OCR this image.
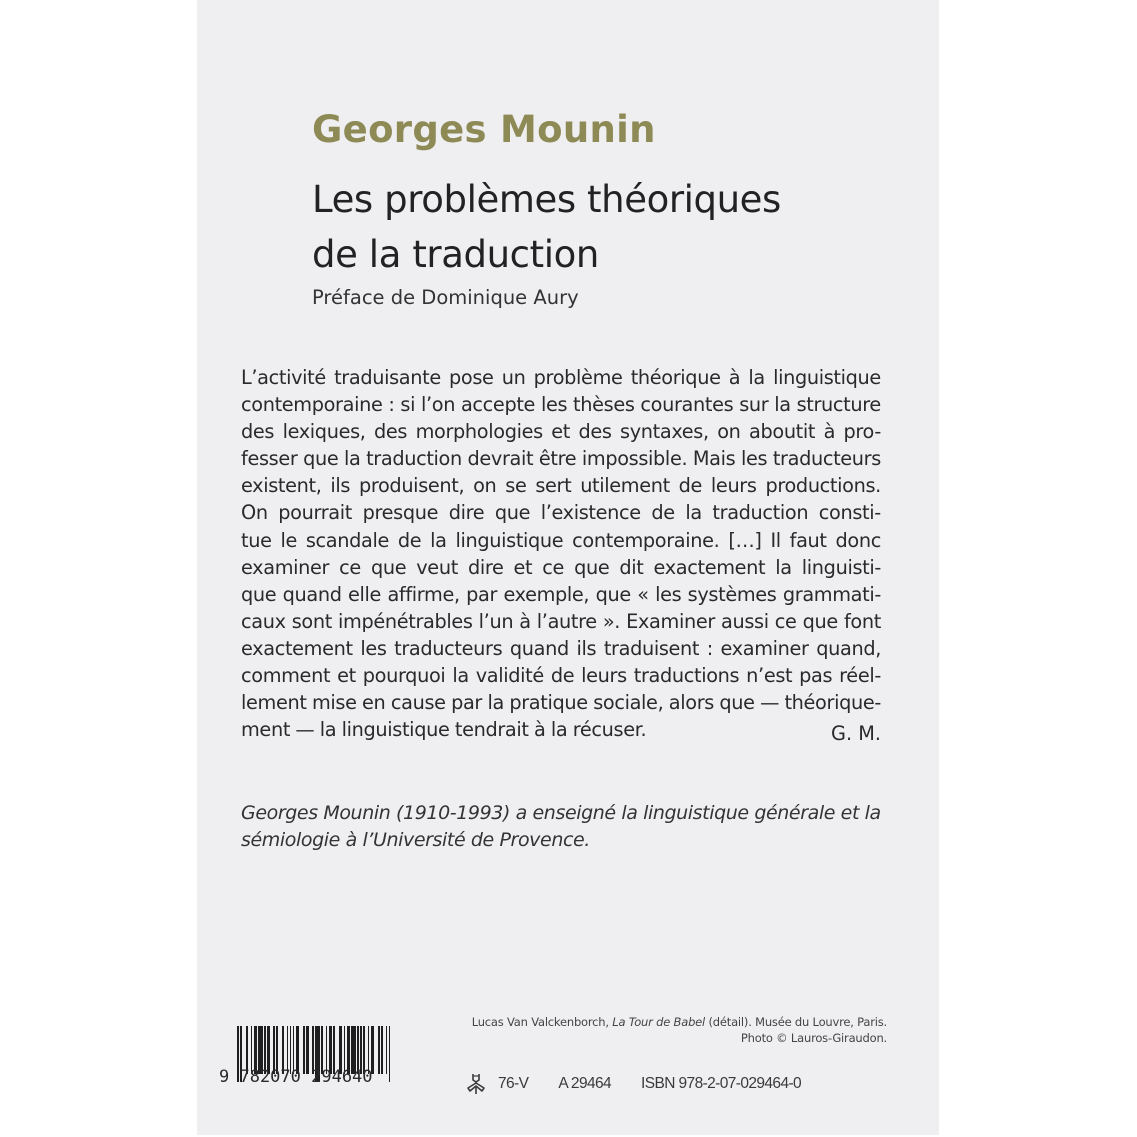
Georges Mounin
Les problèmes théoriques
de la traduction
Préface de Dominique Aury
L’activité traduisante pose un problème théorique à la linguistique
contemporaine : si l’on accepte les thèses courantes sur la structure
des lexiques, des morphologies et des syntaxes, on aboutit à pro-
fesser que la traduction devrait être impossible. Mais les traducteurs
existent, ils produisent, on se sert utilement de leurs productions.
On pourrait presque dire que l’existence de la traduction consti-
tue le scandale de la linguistique contemporaine. […] Il faut donc
examiner ce que veut dire et ce que dit exactement la linguisti-
que quand elle affirme, par exemple, que « les systèmes grammati-
caux sont impénétrables l’un à l’autre ». Examiner aussi ce que font
exactement les traducteurs quand ils traduisent : examiner quand,
comment et pourquoi la validité de leurs traductions n’est pas réel-
lement mise en cause par la pratique sociale, alors que — théorique-
ment — la linguistique tendrait à la récuser.	G. M.
Georges Mounin (1910-1993) a enseigné la linguistique générale et la
sémiologie à l’Université de Provence.
Lucas Van Valckenborch, La Tour de Babel (détail). Musée du Louvre, Paris.
Photo © Lauros-Giraudon.
9 782070 294640	76-V A 29464 ISBN 978-2-07-029464-0
